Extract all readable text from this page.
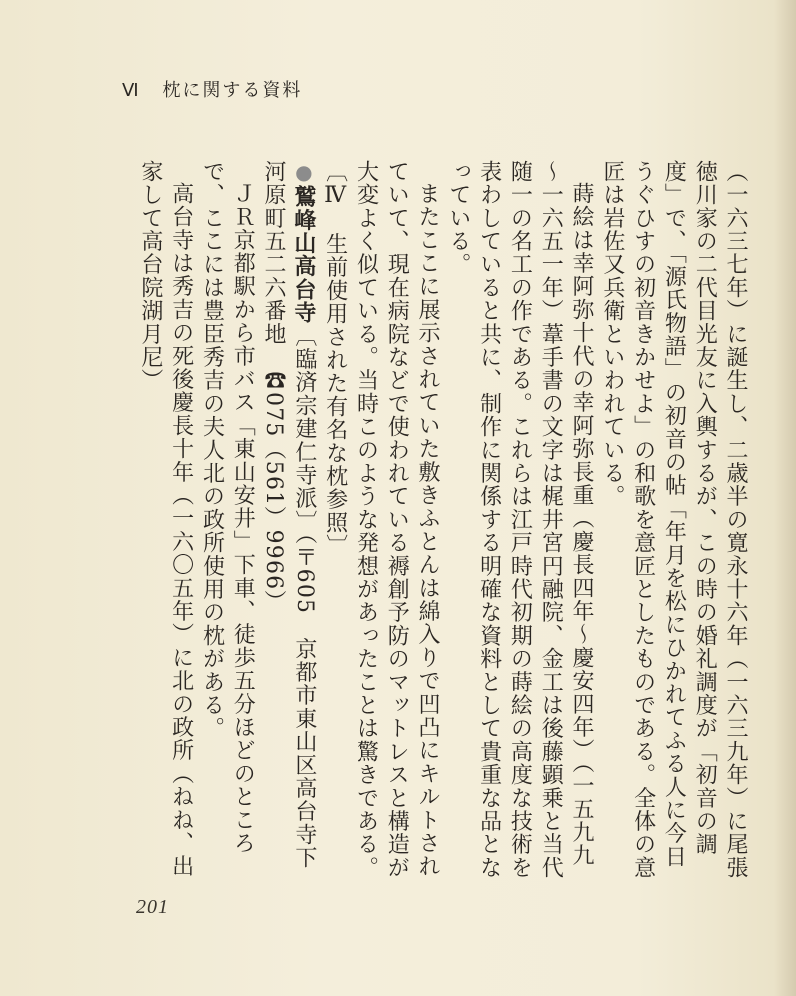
Ⅵ 枕に関する資料

（一六三七年）に誕生し、二歳半の寛永十六年（一六三九年）に尾張徳川家の二代目光友に入輿するが、この時の婚礼調度が「初音の調度」で、「源氏物語」の初音の帖「年月を松にひかれてふる人に今日うぐひすの初音きかせよ」の和歌を意匠としたものである。全体の意匠は岩佐又兵衛といわれている。

蒔絵は幸阿弥十代の幸阿弥長重（慶長四年～慶安四年）（一五九九～一六五一年）葦手書の文字は梶井宮円融院、金工は後藤顕乗と当代随一の名工の作である。これらは江戸時代初期の蒔絵の高度な技術を表わしていると共に、制作に関係する明確な資料として貴重な品となっている。

またここに展示されていた敷きふとんは綿入りで凹凸にキルトされていて、現在病院などで使われている褥創予防のマットレスと構造が大変よく似ている。当時このような発想があったことは驚きである。〔Ⅳ　生前使用された有名な枕参照〕

●鷲峰山高台寺〔臨済宗建仁寺派〕（〒605　京都市東山区高台寺下河原町五二六番地　☎075（561）9966）

ＪＲ京都駅から市バス「東山安井」下車、徒歩五分ほどのところで、ここには豊臣秀吉の夫人北の政所使用の枕がある。

高台寺は秀吉の死後慶長十年（一六〇五年）に北の政所（ねね、出家して高台院湖月尼）

201
